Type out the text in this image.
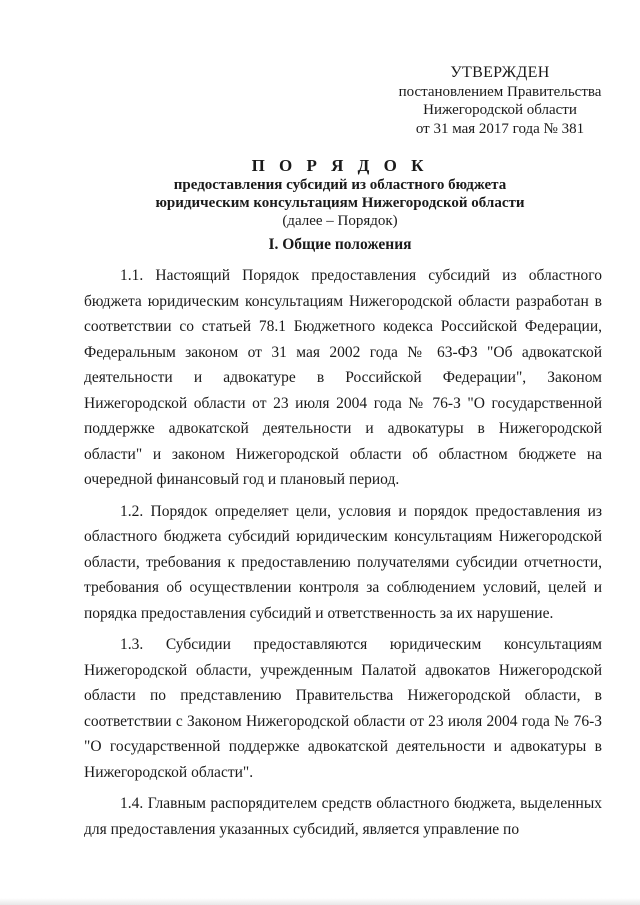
УТВЕРЖДЕН
постановлением Правительства
Нижегородской области
от 31 мая 2017 года № 381
П О Р Я Д О К
предоставления субсидий из областного бюджета
юридическим консультациям Нижегородской области
(далее – Порядок)
I. Общие положения

1.1. Настоящий Порядок предоставления субсидий из областного бюджета юридическим консультациям Нижегородской области разработан в соответствии со статьей 78.1 Бюджетного кодекса Российской Федерации, Федеральным законом от 31 мая 2002 года № 63-ФЗ "Об адвокатской деятельности и адвокатуре в Российской Федерации", Законом Нижегородской области от 23 июля 2004 года № 76-З "О государственной поддержке адвокатской деятельности и адвокатуры в Нижегородской области" и законом Нижегородской области об областном бюджете на очередной финансовый год и плановый период.

1.2. Порядок определяет цели, условия и порядок предоставления из областного бюджета субсидий юридическим консультациям Нижегородской области, требования к предоставлению получателями субсидии отчетности, требования об осуществлении контроля за соблюдением условий, целей и порядка предоставления субсидий и ответственность за их нарушение.

1.3. Субсидии предоставляются юридическим консультациям Нижегородской области, учрежденным Палатой адвокатов Нижегородской области по представлению Правительства Нижегородской области, в соответствии с Законом Нижегородской области от 23 июля 2004 года № 76-З "О государственной поддержке адвокатской деятельности и адвокатуры в Нижегородской области".

1.4. Главным распорядителем средств областного бюджета, выделенных для предоставления указанных субсидий, является управление по
